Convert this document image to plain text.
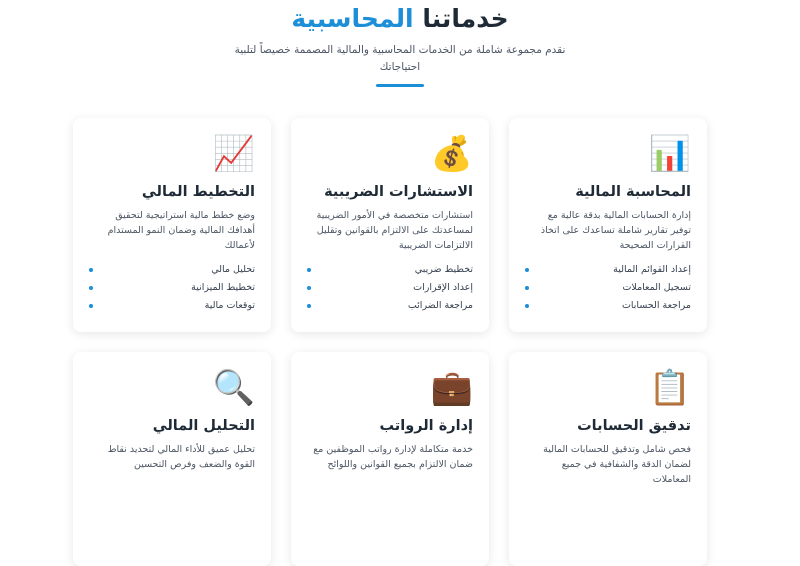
خدماتنا المحاسبية

نقدم مجموعة شاملة من الخدمات المحاسبية والمالية المصممة خصيصاً لتلبية احتياجاتك

📊
المحاسبة المالية

إدارة الحسابات المالية بدقة عالية مع توفير تقارير شاملة تساعدك على اتخاذ القرارات الصحيحة

إعداد القوائم المالية
تسجيل المعاملات
مراجعة الحسابات
💰
الاستشارات الضريبية

استشارات متخصصة في الأمور الضريبية لمساعدتك على الالتزام بالقوانين وتقليل الالتزامات الضريبية

تخطيط ضريبي
إعداد الإقرارات
مراجعة الضرائب
📈
التخطيط المالي

وضع خطط مالية استراتيجية لتحقيق أهدافك المالية وضمان النمو المستدام لأعمالك

تحليل مالي
تخطيط الميزانية
توقعات مالية
📋
تدقيق الحسابات

فحص شامل وتدقيق للحسابات المالية لضمان الدقة والشفافية في جميع المعاملات

💼
إدارة الرواتب

خدمة متكاملة لإدارة رواتب الموظفين مع ضمان الالتزام بجميع القوانين واللوائح

🔍
التحليل المالي

تحليل عميق للأداء المالي لتحديد نقاط القوة والضعف وفرص التحسين
